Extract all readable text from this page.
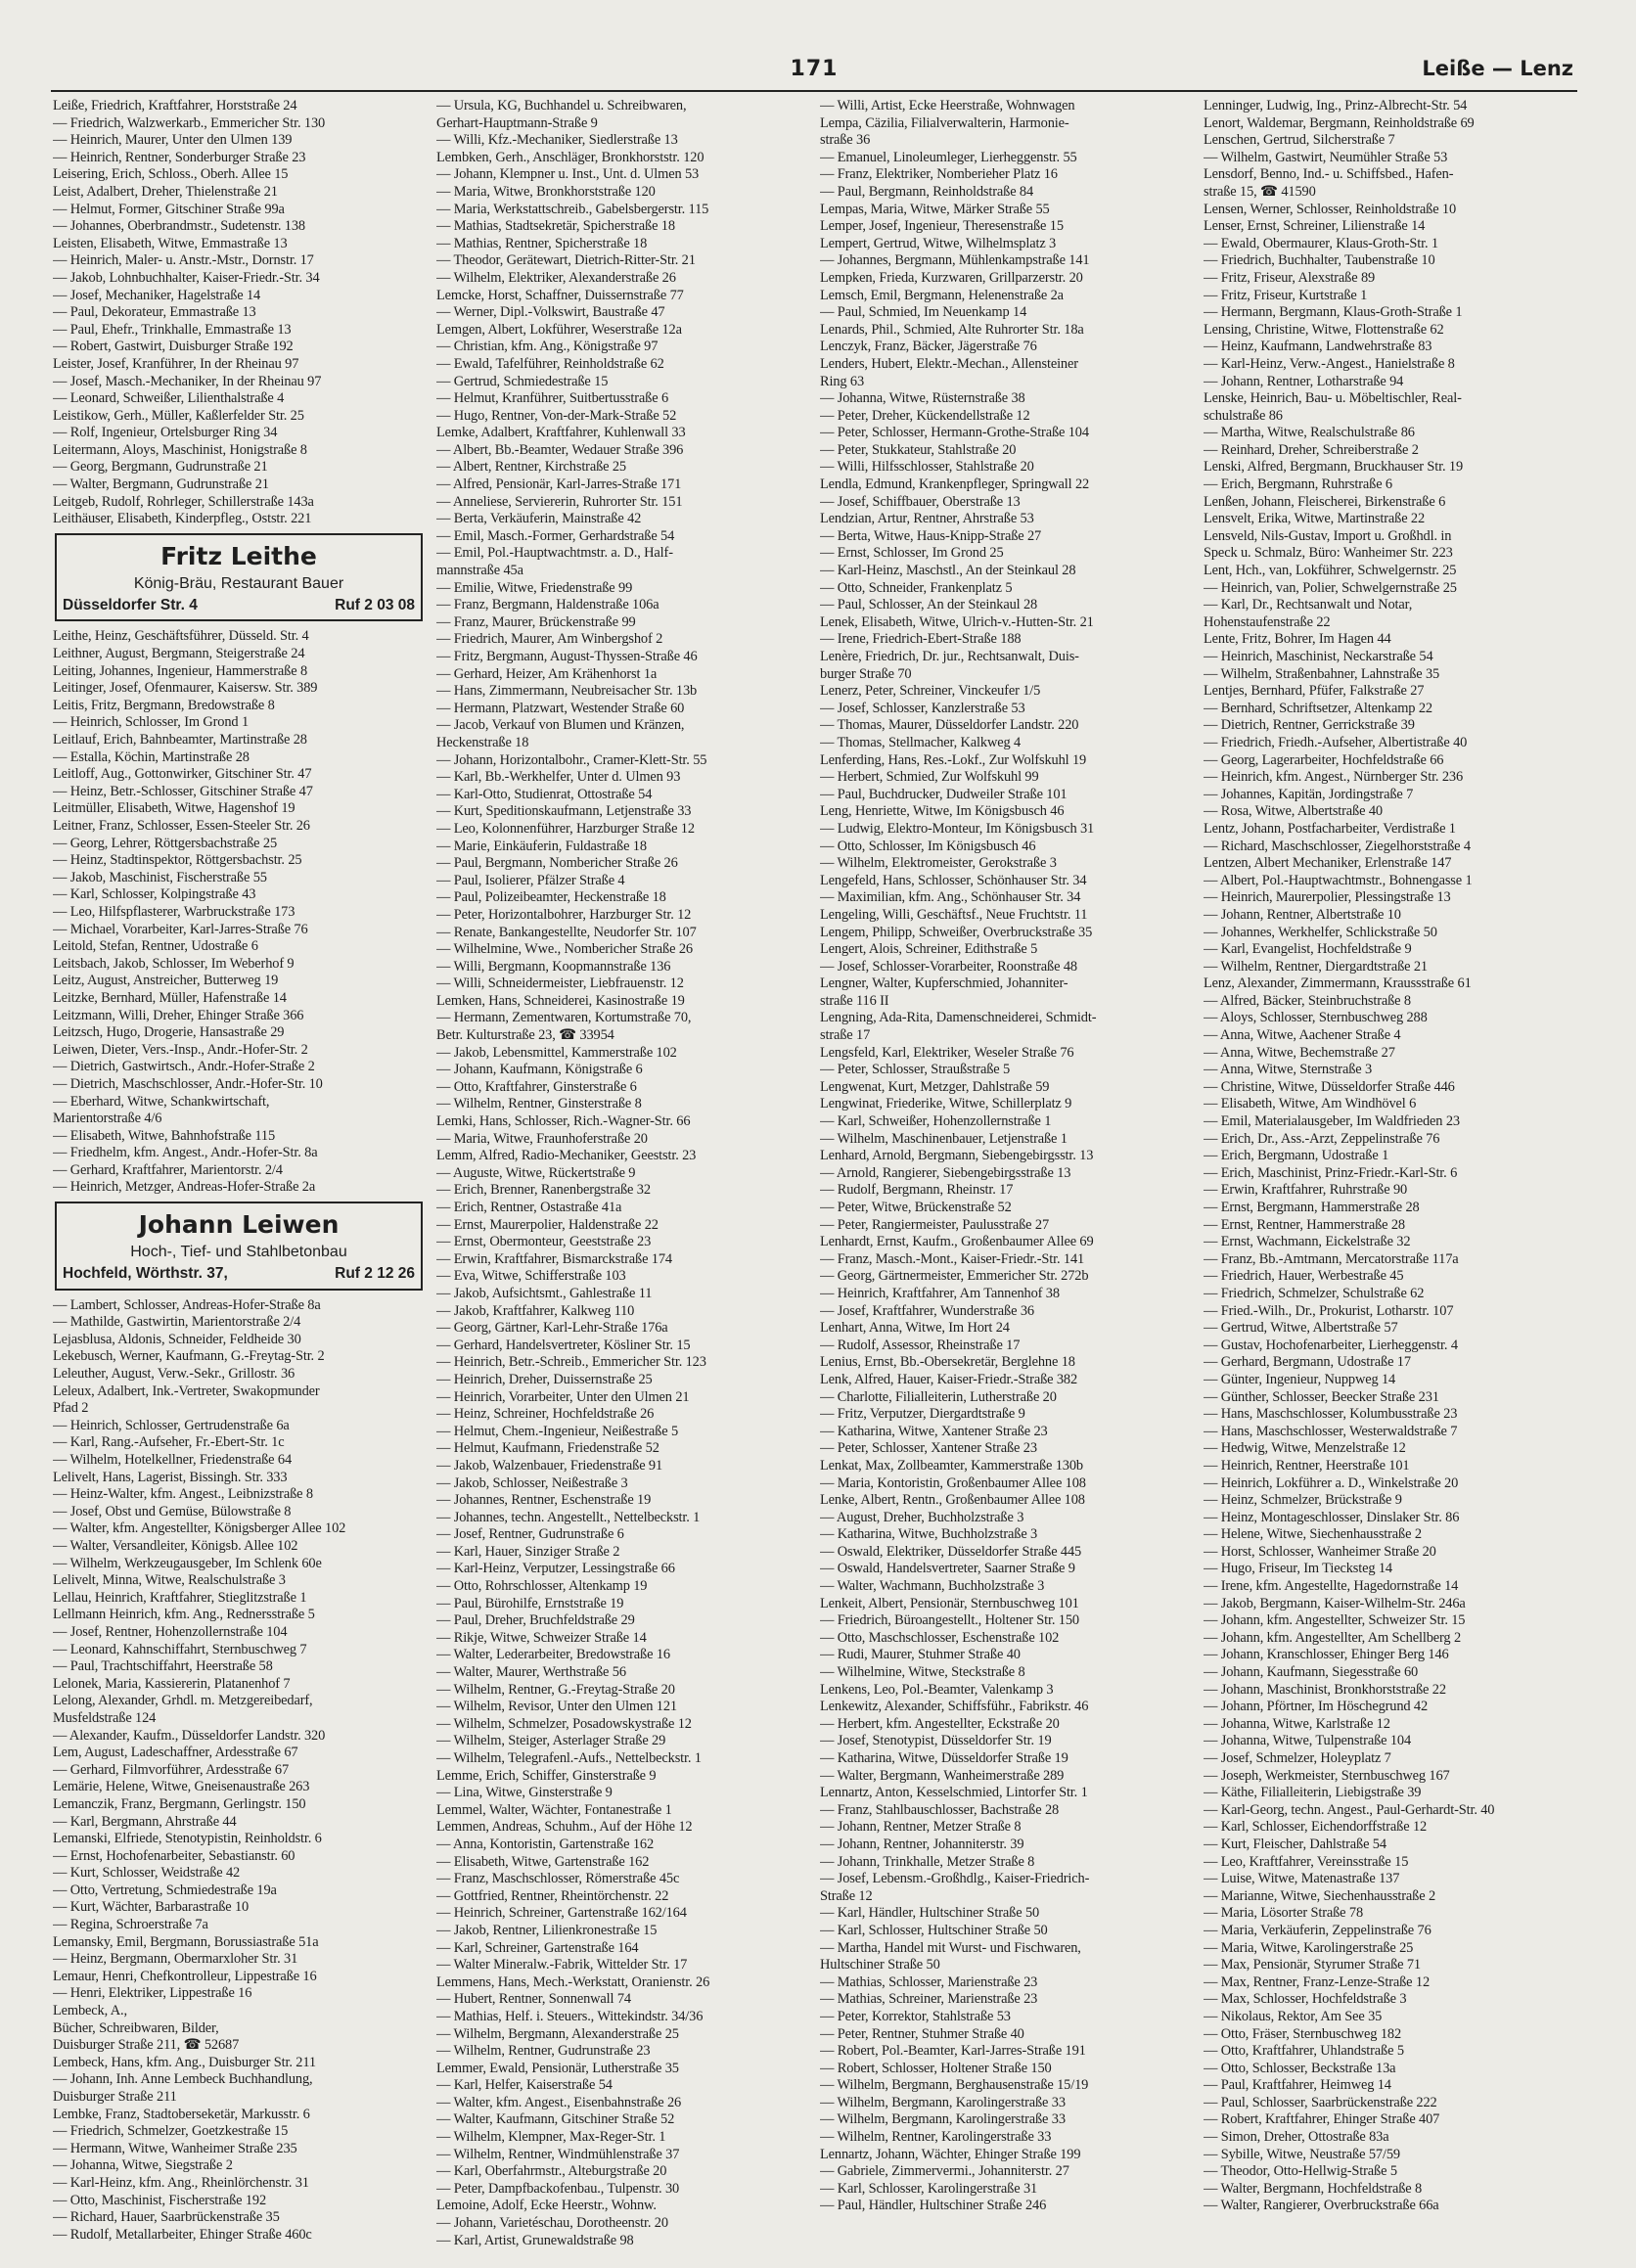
171	Leiße — Lenz
Leiße, Friedrich, Kraftfahrer, Horststraße 24
— Friedrich, Walzwerkarb., Emmericher Str. 130
— Heinrich, Maurer, Unter den Ulmen 139
— Heinrich, Rentner, Sonderburger Straße 23
Leisering, Erich, Schloss., Oberh. Allee 15
Leist, Adalbert, Dreher, Thielenstraße 21
— Helmut, Former, Gitschiner Straße 99a
— Johannes, Oberbrandmstr., Sudetenstr. 138
Leisten, Elisabeth, Witwe, Emmastraße 13
— Heinrich, Maler- u. Anstr.-Mstr., Dornstr. 17
— Jakob, Lohnbuchhalter, Kaiser-Friedr.-Str. 34
— Josef, Mechaniker, Hagelstraße 14
— Paul, Dekorateur, Emmastraße 13
— Paul, Ehefr., Trinkhalle, Emmastraße 13
— Robert, Gastwirt, Duisburger Straße 192
Leister, Josef, Kranführer, In der Rheinau 97
— Josef, Masch.-Mechaniker, In der Rheinau 97
— Leonard, Schweißer, Lilienthalstraße 4
Leistikow, Gerh., Müller, Kaßlerfelder Str. 25
— Rolf, Ingenieur, Ortelsburger Ring 34
Leitermann, Aloys, Maschinist, Honigstraße 8
— Georg, Bergmann, Gudrunstraße 21
— Walter, Bergmann, Gudrunstraße 21
Leitgeb, Rudolf, Rohrleger, Schillerstraße 143a
Leithäuser, Elisabeth, Kinderpfleg., Oststr. 221
Fritz Leithe
König-Bräu, Restaurant Bauer
Düsseldorfer Str. 4	Ruf 2 03 08
Leithe, Heinz, Geschäftsführer, Düsseld. Str. 4
Leithner, August, Bergmann, Steigerstraße 24
Leiting, Johannes, Ingenieur, Hammerstraße 8
Leitinger, Josef, Ofenmaurer, Kaisersw. Str. 389
Leitis, Fritz, Bergmann, Bredowstraße 8
— Heinrich, Schlosser, Im Grond 1
Leitlauf, Erich, Bahnbeamter, Martinstraße 28
— Estalla, Köchin, Martinstraße 28
Leitloff, Aug., Gottonwirker, Gitschiner Str. 47
— Heinz, Betr.-Schlosser, Gitschiner Straße 47
Leitmüller, Elisabeth, Witwe, Hagenshof 19
Leitner, Franz, Schlosser, Essen-Steeler Str. 26
— Georg, Lehrer, Röttgersbachstraße 25
— Heinz, Stadtinspektor, Röttgersbachstr. 25
— Jakob, Maschinist, Fischerstraße 55
— Karl, Schlosser, Kolpingstraße 43
— Leo, Hilfspflasterer, Warbruckstraße 173
— Michael, Vorarbeiter, Karl-Jarres-Straße 76
Leitold, Stefan, Rentner, Udostraße 6
Leitsbach, Jakob, Schlosser, Im Weberhof 9
Leitz, August, Anstreicher, Butterweg 19
Leitzke, Bernhard, Müller, Hafenstraße 14
Leitzmann, Willi, Dreher, Ehinger Straße 366
Leitzsch, Hugo, Drogerie, Hansastraße 29
Leiwen, Dieter, Vers.-Insp., Andr.-Hofer-Str. 2
— Dietrich, Gastwirtsch., Andr.-Hofer-Straße 2
— Dietrich, Maschschlosser, Andr.-Hofer-Str. 10
— Eberhard, Witwe, Schankwirtschaft,
Marientorstraße 4/6
— Elisabeth, Witwe, Bahnhofstraße 115
— Friedhelm, kfm. Angest., Andr.-Hofer-Str. 8a
— Gerhard, Kraftfahrer, Marientorstr. 2/4
— Heinrich, Metzger, Andreas-Hofer-Straße 2a
Johann Leiwen
Hoch-, Tief- und Stahlbetonbau
Hochfeld, Wörthstr. 37,	Ruf 2 12 26
— Lambert, Schlosser, Andreas-Hofer-Straße 8a
— Mathilde, Gastwirtin, Marientorstraße 2/4
Lejasblusa, Aldonis, Schneider, Feldheide 30
Lekebusch, Werner, Kaufmann, G.-Freytag-Str. 2
Leleuther, August, Verw.-Sekr., Grillostr. 36
Leleux, Adalbert, Ink.-Vertreter, Swakopmunder
Pfad 2
— Heinrich, Schlosser, Gertrudenstraße 6a
— Karl, Rang.-Aufseher, Fr.-Ebert-Str. 1c
— Wilhelm, Hotelkellner, Friedenstraße 64
Lelivelt, Hans, Lagerist, Bissingh. Str. 333
— Heinz-Walter, kfm. Angest., Leibnizstraße 8
— Josef, Obst und Gemüse, Bülowstraße 8
— Walter, kfm. Angestellter, Königsberger Allee 102
— Walter, Versandleiter, Königsb. Allee 102
— Wilhelm, Werkzeugausgeber, Im Schlenk 60e
Lelivelt, Minna, Witwe, Realschulstraße 3
Lellau, Heinrich, Kraftfahrer, Stieglitzstraße 1
Lellmann Heinrich, kfm. Ang., Rednersstraße 5
— Josef, Rentner, Hohenzollernstraße 104
— Leonard, Kahnschiffahrt, Sternbuschweg 7
— Paul, Trachtschiffahrt, Heerstraße 58
Lelonek, Maria, Kassiererin, Platanenhof 7
Lelong, Alexander, Grhdl. m. Metzgereibedarf,
Musfeldstraße 124
— Alexander, Kaufm., Düsseldorfer Landstr. 320
Lem, August, Ladeschaffner, Ardesstraße 67
— Gerhard, Filmvorführer, Ardesstraße 67
Lemärie, Helene, Witwe, Gneisenaustraße 263
Lemanczik, Franz, Bergmann, Gerlingstr. 150
— Karl, Bergmann, Ahrstraße 44
Lemanski, Elfriede, Stenotypistin, Reinholdstr. 6
— Ernst, Hochofenarbeiter, Sebastianstr. 60
— Kurt, Schlosser, Weidstraße 42
— Otto, Vertretung, Schmiedestraße 19a
— Kurt, Wächter, Barbarastraße 10
— Regina, Schroerstraße 7a
Lemansky, Emil, Bergmann, Borussiastraße 51a
— Heinz, Bergmann, Obermarxloher Str. 31
Lemaur, Henri, Chefkontrolleur, Lippestraße 16
— Henri, Elektriker, Lippestraße 16
Lembeck, A.,
Bücher, Schreibwaren, Bilder,
Duisburger Straße 211, ☎ 52687
Lembeck, Hans, kfm. Ang., Duisburger Str. 211
— Johann, Inh. Anne Lembeck Buchhandlung,
Duisburger Straße 211
Lembke, Franz, Stadtoberseketär, Markusstr. 6
— Friedrich, Schmelzer, Goetzkestraße 15
— Hermann, Witwe, Wanheimer Straße 235
— Johanna, Witwe, Siegstraße 2
— Karl-Heinz, kfm. Ang., Rheinlörchenstr. 31
— Otto, Maschinist, Fischerstraße 192
— Richard, Hauer, Saarbrückenstraße 35
— Rudolf, Metallarbeiter, Ehinger Straße 460c
— Ursula, KG, Buchhandel u. Schreibwaren,
Gerhart-Hauptmann-Straße 9
— Willi, Kfz.-Mechaniker, Siedlerstraße 13
Lembken, Gerh., Anschläger, Bronkhorststr. 120
— Johann, Klempner u. Inst., Unt. d. Ulmen 53
— Maria, Witwe, Bronkhorststraße 120
— Maria, Werkstattschreib., Gabelsbergerstr. 115
— Mathias, Stadtsekretär, Spicherstraße 18
— Mathias, Rentner, Spicherstraße 18
— Theodor, Gerätewart, Dietrich-Ritter-Str. 21
— Wilhelm, Elektriker, Alexanderstraße 26
Lemcke, Horst, Schaffner, Duissernstraße 77
— Werner, Dipl.-Volkswirt, Baustraße 47
Lemgen, Albert, Lokführer, Weserstraße 12a
— Christian, kfm. Ang., Königstraße 97
— Ewald, Tafelführer, Reinholdstraße 62
— Gertrud, Schmiedestraße 15
— Helmut, Kranführer, Suitbertusstraße 6
— Hugo, Rentner, Von-der-Mark-Straße 52
Lemke, Adalbert, Kraftfahrer, Kuhlenwall 33
— Albert, Bb.-Beamter, Wedauer Straße 396
— Albert, Rentner, Kirchstraße 25
— Alfred, Pensionär, Karl-Jarres-Straße 171
— Anneliese, Serviererin, Ruhrorter Str. 151
— Berta, Verkäuferin, Mainstraße 42
— Emil, Masch.-Former, Gerhardstraße 54
— Emil, Pol.-Hauptwachtmstr. a. D., Half-
mannstraße 45a
— Emilie, Witwe, Friedenstraße 99
— Franz, Bergmann, Haldenstraße 106a
— Franz, Maurer, Brückenstraße 99
— Friedrich, Maurer, Am Winbergshof 2
— Fritz, Bergmann, August-Thyssen-Straße 46
— Gerhard, Heizer, Am Krähenhorst 1a
— Hans, Zimmermann, Neubreisacher Str. 13b
— Hermann, Platzwart, Westender Straße 60
— Jacob, Verkauf von Blumen und Kränzen,
Heckenstraße 18
— Johann, Horizontalbohr., Cramer-Klett-Str. 55
— Karl, Bb.-Werkhelfer, Unter d. Ulmen 93
— Karl-Otto, Studienrat, Ottostraße 54
— Kurt, Speditionskaufmann, Letjenstraße 33
— Leo, Kolonnenführer, Harzburger Straße 12
— Marie, Einkäuferin, Fuldastraße 18
— Paul, Bergmann, Nombericher Straße 26
— Paul, Isolierer, Pfälzer Straße 4
— Paul, Polizeibeamter, Heckenstraße 18
— Peter, Horizontalbohrer, Harzburger Str. 12
— Renate, Bankangestellte, Neudorfer Str. 107
— Wilhelmine, Wwe., Nombericher Straße 26
— Willi, Bergmann, Koopmannstraße 136
— Willi, Schneidermeister, Liebfrauenstr. 12
Lemken, Hans, Schneiderei, Kasinostraße 19
— Hermann, Zementwaren, Kortumstraße 70,
Betr. Kulturstraße 23, ☎ 33954
— Jakob, Lebensmittel, Kammerstraße 102
— Johann, Kaufmann, Königstraße 6
— Otto, Kraftfahrer, Ginsterstraße 6
— Wilhelm, Rentner, Ginsterstraße 8
Lemki, Hans, Schlosser, Rich.-Wagner-Str. 66
— Maria, Witwe, Fraunhoferstraße 20
Lemm, Alfred, Radio-Mechaniker, Geeststr. 23
— Auguste, Witwe, Rückertstraße 9
— Erich, Brenner, Ranenbergstraße 32
— Erich, Rentner, Ostastraße 41a
— Ernst, Maurerpolier, Haldenstraße 22
— Ernst, Obermonteur, Geeststraße 23
— Erwin, Kraftfahrer, Bismarckstraße 174
— Eva, Witwe, Schifferstraße 103
— Jakob, Aufsichtsmt., Gahlestraße 11
— Jakob, Kraftfahrer, Kalkweg 110
— Georg, Gärtner, Karl-Lehr-Straße 176a
— Gerhard, Handelsvertreter, Kösliner Str. 15
— Heinrich, Betr.-Schreib., Emmericher Str. 123
— Heinrich, Dreher, Duissernstraße 25
— Heinrich, Vorarbeiter, Unter den Ulmen 21
— Heinz, Schreiner, Hochfeldstraße 26
— Helmut, Chem.-Ingenieur, Neißestraße 5
— Helmut, Kaufmann, Friedenstraße 52
— Jakob, Walzenbauer, Friedenstraße 91
— Jakob, Schlosser, Neißestraße 3
— Johannes, Rentner, Eschenstraße 19
— Johannes, techn. Angestellt., Nettelbeckstr. 1
— Josef, Rentner, Gudrunstraße 6
— Karl, Hauer, Sinziger Straße 2
— Karl-Heinz, Verputzer, Lessingstraße 66
— Otto, Rohrschlosser, Altenkamp 19
— Paul, Bürohilfe, Ernststraße 19
— Paul, Dreher, Bruchfeldstraße 29
— Rikje, Witwe, Schweizer Straße 14
— Walter, Lederarbeiter, Bredowstraße 16
— Walter, Maurer, Werthstraße 56
— Wilhelm, Rentner, G.-Freytag-Straße 20
— Wilhelm, Revisor, Unter den Ulmen 121
— Wilhelm, Schmelzer, Posadowskystraße 12
— Wilhelm, Steiger, Asterlager Straße 29
— Wilhelm, Telegrafenl.-Aufs., Nettelbeckstr. 1
Lemme, Erich, Schiffer, Ginsterstraße 9
— Lina, Witwe, Ginsterstraße 9
Lemmel, Walter, Wächter, Fontanestraße 1
Lemmen, Andreas, Schuhm., Auf der Höhe 12
— Anna, Kontoristin, Gartenstraße 162
— Elisabeth, Witwe, Gartenstraße 162
— Franz, Maschschlosser, Römerstraße 45c
— Gottfried, Rentner, Rheintörchenstr. 22
— Heinrich, Schreiner, Gartenstraße 162/164
— Jakob, Rentner, Lilienkronestraße 15
— Karl, Schreiner, Gartenstraße 164
— Walter Mineralw.-Fabrik, Wittelder Str. 17
Lemmens, Hans, Mech.-Werkstatt, Oranienstr. 26
— Hubert, Rentner, Sonnenwall 74
— Mathias, Helf. i. Steuers., Wittekindstr. 34/36
— Wilhelm, Bergmann, Alexanderstraße 25
— Wilhelm, Rentner, Gudrunstraße 23
Lemmer, Ewald, Pensionär, Lutherstraße 35
— Karl, Helfer, Kaiserstraße 54
— Walter, kfm. Angest., Eisenbahnstraße 26
— Walter, Kaufmann, Gitschiner Straße 52
— Wilhelm, Klempner, Max-Reger-Str. 1
— Wilhelm, Rentner, Windmühlenstraße 37
— Karl, Oberfahrmstr., Alteburgstraße 20
— Peter, Dampfbackofenbau., Tulpenstr. 30
Lemoine, Adolf, Ecke Heerstr., Wohnw.
— Johann, Varietéschau, Dorotheenstr. 20
— Karl, Artist, Grunewaldstraße 98
— Willi, Artist, Ecke Heerstraße, Wohnwagen
Lempa, Cäzilia, Filialverwalterin, Harmonie-
straße 36
— Emanuel, Linoleumleger, Lierheggenstr. 55
— Franz, Elektriker, Nomberieher Platz 16
— Paul, Bergmann, Reinholdstraße 84
Lempas, Maria, Witwe, Märker Straße 55
Lemper, Josef, Ingenieur, Theresenstraße 15
Lempert, Gertrud, Witwe, Wilhelmsplatz 3
— Johannes, Bergmann, Mühlenkampstraße 141
Lempken, Frieda, Kurzwaren, Grillparzerstr. 20
Lemsch, Emil, Bergmann, Helenenstraße 2a
— Paul, Schmied, Im Neuenkamp 14
Lenards, Phil., Schmied, Alte Ruhrorter Str. 18a
Lenczyk, Franz, Bäcker, Jägerstraße 76
Lenders, Hubert, Elektr.-Mechan., Allensteiner
Ring 63
— Johanna, Witwe, Rüsternstraße 38
— Peter, Dreher, Kückendellstraße 12
— Peter, Schlosser, Hermann-Grothe-Straße 104
— Peter, Stukkateur, Stahlstraße 20
— Willi, Hilfsschlosser, Stahlstraße 20
Lendla, Edmund, Krankenpfleger, Springwall 22
— Josef, Schiffbauer, Oberstraße 13
Lendzian, Artur, Rentner, Ahrstraße 53
— Berta, Witwe, Haus-Knipp-Straße 27
— Ernst, Schlosser, Im Grond 25
— Karl-Heinz, Maschstl., An der Steinkaul 28
— Otto, Schneider, Frankenplatz 5
— Paul, Schlosser, An der Steinkaul 28
Lenek, Elisabeth, Witwe, Ulrich-v.-Hutten-Str. 21
— Irene, Friedrich-Ebert-Straße 188
Lenère, Friedrich, Dr. jur., Rechtsanwalt, Duis-
burger Straße 70
Lenerz, Peter, Schreiner, Vinckeufer 1/5
— Josef, Schlosser, Kanzlerstraße 53
— Thomas, Maurer, Düsseldorfer Landstr. 220
— Thomas, Stellmacher, Kalkweg 4
Lenferding, Hans, Res.-Lokf., Zur Wolfskuhl 19
— Herbert, Schmied, Zur Wolfskuhl 99
— Paul, Buchdrucker, Dudweiler Straße 101
Leng, Henriette, Witwe, Im Königsbusch 46
— Ludwig, Elektro-Monteur, Im Königsbusch 31
— Otto, Schlosser, Im Königsbusch 46
— Wilhelm, Elektromeister, Gerokstraße 3
Lengefeld, Hans, Schlosser, Schönhauser Str. 34
— Maximilian, kfm. Ang., Schönhauser Str. 34
Lengeling, Willi, Geschäftsf., Neue Fruchtstr. 11
Lengem, Philipp, Schweißer, Overbruckstraße 35
Lengert, Alois, Schreiner, Edithstraße 5
— Josef, Schlosser-Vorarbeiter, Roonstraße 48
Lengner, Walter, Kupferschmied, Johanniter-
straße 116 II
Lengning, Ada-Rita, Damenschneiderei, Schmidt-
straße 17
Lengsfeld, Karl, Elektriker, Weseler Straße 76
— Peter, Schlosser, Straußstraße 5
Lengwenat, Kurt, Metzger, Dahlstraße 59
Lengwinat, Friederike, Witwe, Schillerplatz 9
— Karl, Schweißer, Hohenzollernstraße 1
— Wilhelm, Maschinenbauer, Letjenstraße 1
Lenhard, Arnold, Bergmann, Siebengebirgsstr. 13
— Arnold, Rangierer, Siebengebirgsstraße 13
— Rudolf, Bergmann, Rheinstr. 17
— Peter, Witwe, Brückenstraße 52
— Peter, Rangiermeister, Paulusstraße 27
Lenhardt, Ernst, Kaufm., Großenbaumer Allee 69
— Franz, Masch.-Mont., Kaiser-Friedr.-Str. 141
— Georg, Gärtnermeister, Emmericher Str. 272b
— Heinrich, Kraftfahrer, Am Tannenhof 38
— Josef, Kraftfahrer, Wunderstraße 36
Lenhart, Anna, Witwe, Im Hort 24
— Rudolf, Assessor, Rheinstraße 17
Lenius, Ernst, Bb.-Obersekretär, Berglehne 18
Lenk, Alfred, Hauer, Kaiser-Friedr.-Straße 382
— Charlotte, Filialleiterin, Lutherstraße 20
— Fritz, Verputzer, Diergardtstraße 9
— Katharina, Witwe, Xantener Straße 23
— Peter, Schlosser, Xantener Straße 23
Lenkat, Max, Zollbeamter, Kammerstraße 130b
— Maria, Kontoristin, Großenbaumer Allee 108
Lenke, Albert, Rentn., Großenbaumer Allee 108
— August, Dreher, Buchholzstraße 3
— Katharina, Witwe, Buchholzstraße 3
— Oswald, Elektriker, Düsseldorfer Straße 445
— Oswald, Handelsvertreter, Saarner Straße 9
— Walter, Wachmann, Buchholzstraße 3
Lenkeit, Albert, Pensionär, Sternbuschweg 101
— Friedrich, Büroangestellt., Holtener Str. 150
— Otto, Maschschlosser, Eschenstraße 102
— Rudi, Maurer, Stuhmer Straße 40
— Wilhelmine, Witwe, Steckstraße 8
Lenkens, Leo, Pol.-Beamter, Valenkamp 3
Lenkewitz, Alexander, Schiffsführ., Fabrikstr. 46
— Herbert, kfm. Angestellter, Eckstraße 20
— Josef, Stenotypist, Düsseldorfer Str. 19
— Katharina, Witwe, Düsseldorfer Straße 19
— Walter, Bergmann, Wanheimerstraße 289
Lennartz, Anton, Kesselschmied, Lintorfer Str. 1
— Franz, Stahlbauschlosser, Bachstraße 28
— Johann, Rentner, Metzer Straße 8
— Johann, Rentner, Johanniterstr. 39
— Johann, Trinkhalle, Metzer Straße 8
— Josef, Lebensm.-Großhdlg., Kaiser-Friedrich-
Straße 12
— Karl, Händler, Hultschiner Straße 50
— Karl, Schlosser, Hultschiner Straße 50
— Martha, Handel mit Wurst- und Fischwaren,
Hultschiner Straße 50
— Mathias, Schlosser, Marienstraße 23
— Mathias, Schreiner, Marienstraße 23
— Peter, Korrektor, Stahlstraße 53
— Peter, Rentner, Stuhmer Straße 40
— Robert, Pol.-Beamter, Karl-Jarres-Straße 191
— Robert, Schlosser, Holtener Straße 150
— Wilhelm, Bergmann, Berghausenstraße 15/19
— Wilhelm, Bergmann, Karolingerstraße 33
— Wilhelm, Bergmann, Karolingerstraße 33
— Wilhelm, Rentner, Karolingerstraße 33
Lennartz, Johann, Wächter, Ehinger Straße 199
— Gabriele, Zimmervermi., Johanniterstr. 27
— Karl, Schlosser, Karolingerstraße 31
— Paul, Händler, Hultschiner Straße 246
Lenninger, Ludwig, Ing., Prinz-Albrecht-Str. 54
Lenort, Waldemar, Bergmann, Reinholdstraße 69
Lenschen, Gertrud, Silcherstraße 7
— Wilhelm, Gastwirt, Neumühler Straße 53
Lensdorf, Benno, Ind.- u. Schiffsbed., Hafen-
straße 15, ☎ 41590
Lensen, Werner, Schlosser, Reinholdstraße 10
Lenser, Ernst, Schreiner, Lilienstraße 14
— Ewald, Obermaurer, Klaus-Groth-Str. 1
— Friedrich, Buchhalter, Taubenstraße 10
— Fritz, Friseur, Alexstraße 89
— Fritz, Friseur, Kurtstraße 1
— Hermann, Bergmann, Klaus-Groth-Straße 1
Lensing, Christine, Witwe, Flottenstraße 62
— Heinz, Kaufmann, Landwehrstraße 83
— Karl-Heinz, Verw.-Angest., Hanielstraße 8
— Johann, Rentner, Lotharstraße 94
Lenske, Heinrich, Bau- u. Möbeltischler, Real-
schulstraße 86
— Martha, Witwe, Realschulstraße 86
— Reinhard, Dreher, Schreiberstraße 2
Lenski, Alfred, Bergmann, Bruckhauser Str. 19
— Erich, Bergmann, Ruhrstraße 6
Lenßen, Johann, Fleischerei, Birkenstraße 6
Lensvelt, Erika, Witwe, Martinstraße 22
Lensveld, Nils-Gustav, Import u. Großhdl. in
Speck u. Schmalz, Büro: Wanheimer Str. 223
Lent, Hch., van, Lokführer, Schwelgernstr. 25
— Heinrich, van, Polier, Schwelgernstraße 25
— Karl, Dr., Rechtsanwalt und Notar,
Hohenstaufenstraße 22
Lente, Fritz, Bohrer, Im Hagen 44
— Heinrich, Maschinist, Neckarstraße 54
— Wilhelm, Straßenbahner, Lahnstraße 35
Lentjes, Bernhard, Pfüfer, Falkstraße 27
— Bernhard, Schriftsetzer, Altenkamp 22
— Dietrich, Rentner, Gerrickstraße 39
— Friedrich, Friedh.-Aufseher, Albertistraße 40
— Georg, Lagerarbeiter, Hochfeldstraße 66
— Heinrich, kfm. Angest., Nürnberger Str. 236
— Johannes, Kapitän, Jordingstraße 7
— Rosa, Witwe, Albertstraße 40
Lentz, Johann, Postfacharbeiter, Verdistraße 1
— Richard, Maschschlosser, Ziegelhorststraße 4
Lentzen, Albert Mechaniker, Erlenstraße 147
— Albert, Pol.-Hauptwachtmstr., Bohnengasse 1
— Heinrich, Maurerpolier, Plessingstraße 13
— Johann, Rentner, Albertstraße 10
— Johannes, Werkhelfer, Schlickstraße 50
— Karl, Evangelist, Hochfeldstraße 9
— Wilhelm, Rentner, Diergardtstraße 21
Lenz, Alexander, Zimmermann, Kraussstraße 61
— Alfred, Bäcker, Steinbruchstraße 8
— Aloys, Schlosser, Sternbuschweg 288
— Anna, Witwe, Aachener Straße 4
— Anna, Witwe, Bechemstraße 27
— Anna, Witwe, Sternstraße 3
— Christine, Witwe, Düsseldorfer Straße 446
— Elisabeth, Witwe, Am Windhövel 6
— Emil, Materialausgeber, Im Waldfrieden 23
— Erich, Dr., Ass.-Arzt, Zeppelinstraße 76
— Erich, Bergmann, Udostraße 1
— Erich, Maschinist, Prinz-Friedr.-Karl-Str. 6
— Erwin, Kraftfahrer, Ruhrstraße 90
— Ernst, Bergmann, Hammerstraße 28
— Ernst, Rentner, Hammerstraße 28
— Ernst, Wachmann, Eickelstraße 32
— Franz, Bb.-Amtmann, Mercatorstraße 117a
— Friedrich, Hauer, Werbestraße 45
— Friedrich, Schmelzer, Schulstraße 62
— Fried.-Wilh., Dr., Prokurist, Lotharstr. 107
— Gertrud, Witwe, Albertstraße 57
— Gustav, Hochofenarbeiter, Lierheggenstr. 4
— Gerhard, Bergmann, Udostraße 17
— Günter, Ingenieur, Nuppweg 14
— Günther, Schlosser, Beecker Straße 231
— Hans, Maschschlosser, Kolumbusstraße 23
— Hans, Maschschlosser, Westerwaldstraße 7
— Hedwig, Witwe, Menzelstraße 12
— Heinrich, Rentner, Heerstraße 101
— Heinrich, Lokführer a. D., Winkelstraße 20
— Heinz, Schmelzer, Brückstraße 9
— Heinz, Montageschlosser, Dinslaker Str. 86
— Helene, Witwe, Siechenhausstraße 2
— Horst, Schlosser, Wanheimer Straße 20
— Hugo, Friseur, Im Tiecksteg 14
— Irene, kfm. Angestellte, Hagedornstraße 14
— Jakob, Bergmann, Kaiser-Wilhelm-Str. 246a
— Johann, kfm. Angestellter, Schweizer Str. 15
— Johann, kfm. Angestellter, Am Schellberg 2
— Johann, Kranschlosser, Ehinger Berg 146
— Johann, Kaufmann, Siegesstraße 60
— Johann, Maschinist, Bronkhorststraße 22
— Johann, Pförtner, Im Höschegrund 42
— Johanna, Witwe, Karlstraße 12
— Johanna, Witwe, Tulpenstraße 104
— Josef, Schmelzer, Holeyplatz 7
— Joseph, Werkmeister, Sternbuschweg 167
— Käthe, Filialleiterin, Liebigstraße 39
— Karl-Georg, techn. Angest., Paul-Gerhardt-Str. 40
— Karl, Schlosser, Eichendorffstraße 12
— Kurt, Fleischer, Dahlstraße 54
— Leo, Kraftfahrer, Vereinsstraße 15
— Luise, Witwe, Matenastraße 137
— Marianne, Witwe, Siechenhausstraße 2
— Maria, Lösorter Straße 78
— Maria, Verkäuferin, Zeppelinstraße 76
— Maria, Witwe, Karolingerstraße 25
— Max, Pensionär, Styrumer Straße 71
— Max, Rentner, Franz-Lenze-Straße 12
— Max, Schlosser, Hochfeldstraße 3
— Nikolaus, Rektor, Am See 35
— Otto, Fräser, Sternbuschweg 182
— Otto, Kraftfahrer, Uhlandstraße 5
— Otto, Schlosser, Beckstraße 13a
— Paul, Kraftfahrer, Heimweg 14
— Paul, Schlosser, Saarbrückenstraße 222
— Robert, Kraftfahrer, Ehinger Straße 407
— Simon, Dreher, Ottostraße 83a
— Sybille, Witwe, Neustraße 57/59
— Theodor, Otto-Hellwig-Straße 5
— Walter, Bergmann, Hochfeldstraße 8
— Walter, Rangierer, Overbruckstraße 66a
